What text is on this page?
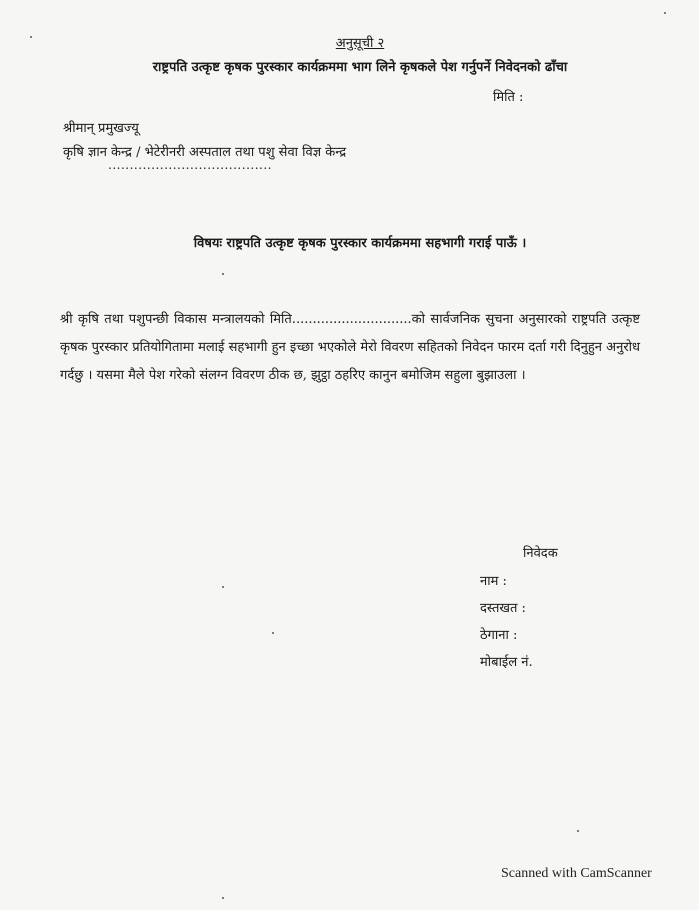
अनुसूची २
राष्ट्रपति उत्कृष्ट कृषक पुरस्कार कार्यक्रममा भाग लिने कृषकले पेश गर्नुपर्ने निवेदनको ढाँचा
मिति :
श्रीमान् प्रमुखज्यू
कृषि ज्ञान केन्द्र / भेटेरीनरी अस्पताल तथा पशु सेवा विज्ञ केन्द्र
......................................
विषयः राष्ट्रपति उत्कृष्ट कृषक पुरस्कार कार्यक्रममा सहभागी गराई पाऊँ ।
श्री कृषि तथा पशुपन्छी विकास मन्त्रालयको मिति.............................को सार्वजनिक सुचना अनुसारको राष्ट्रपति उत्कृष्ट कृषक पुरस्कार प्रतियोगितामा मलाई सहभागी हुन इच्छा भएकोले मेरो विवरण सहितको निवेदन फारम दर्ता गरी दिनुहुन अनुरोध गर्दछु । यसमा मैले पेश गरेको संलग्न विवरण ठीक छ, झुट्ठा ठहरिए कानुन बमोजिम सहुला बुझाउला ।
निवेदक
नाम :
दस्तखत :
ठेगाना :
मोबाईल नं.
Scanned with CamScanner
